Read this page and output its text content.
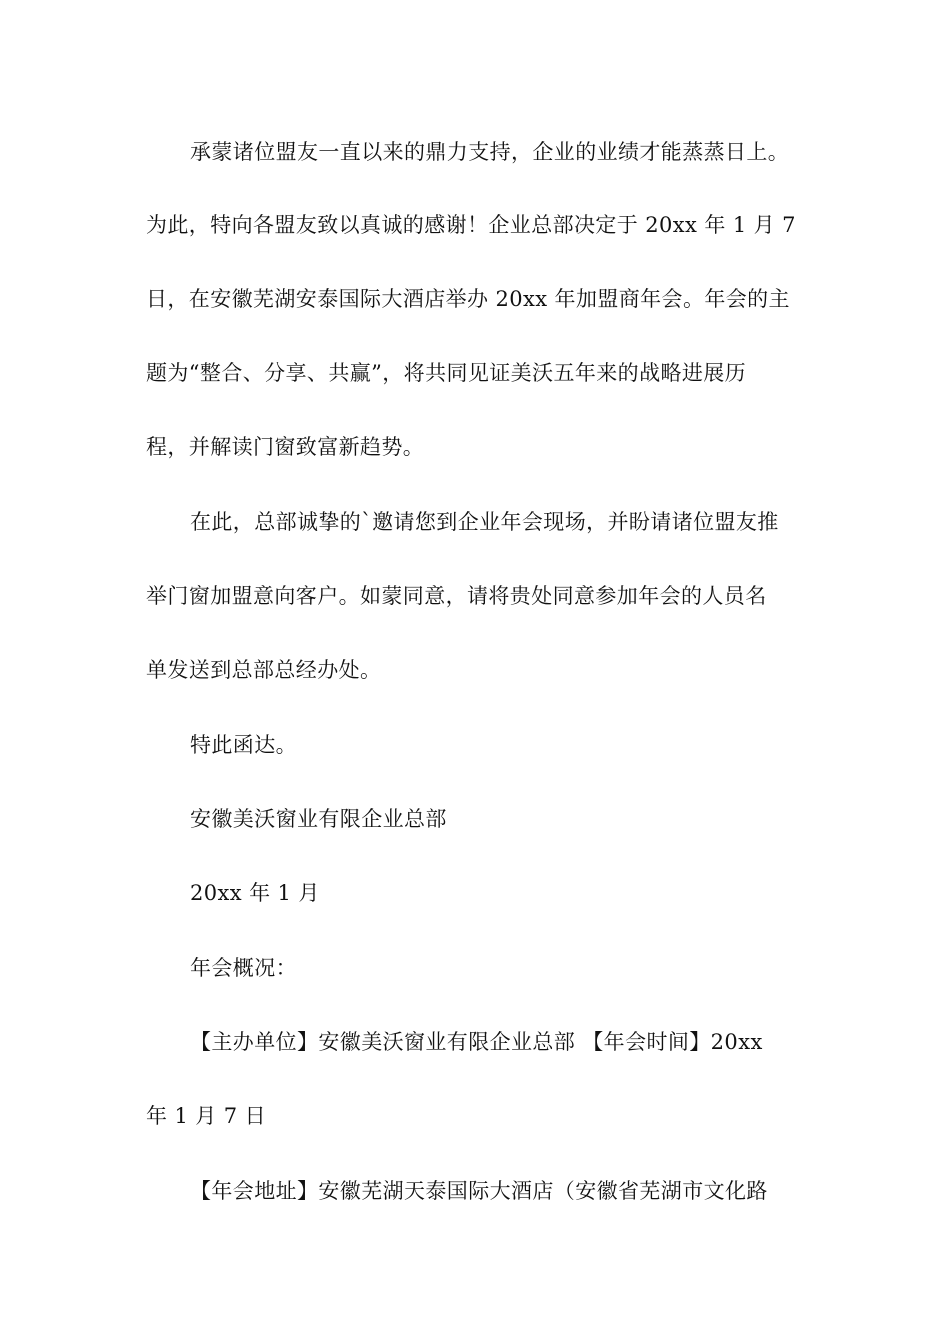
承蒙诸位盟友一直以来的鼎力支持，企业的业绩才能蒸蒸日上。
为此，特向各盟友致以真诚的感谢！企业总部决定于 20xx 年 1 月 7
日，在安徽芜湖安泰国际大酒店举办 20xx 年加盟商年会。年会的主
题为“整合、分享、共赢”，将共同见证美沃五年来的战略进展历
程，并解读门窗致富新趋势。
在此，总部诚挚的`邀请您到企业年会现场，并盼请诸位盟友推
举门窗加盟意向客户。如蒙同意，请将贵处同意参加年会的人员名
单发送到总部总经办处。
特此函达。
安徽美沃窗业有限企业总部
20xx 年 1 月
年会概况：
【主办单位】安徽美沃窗业有限企业总部 【年会时间】20xx
年 1 月 7 日
【年会地址】安徽芜湖天泰国际大酒店（安徽省芜湖市文化路
